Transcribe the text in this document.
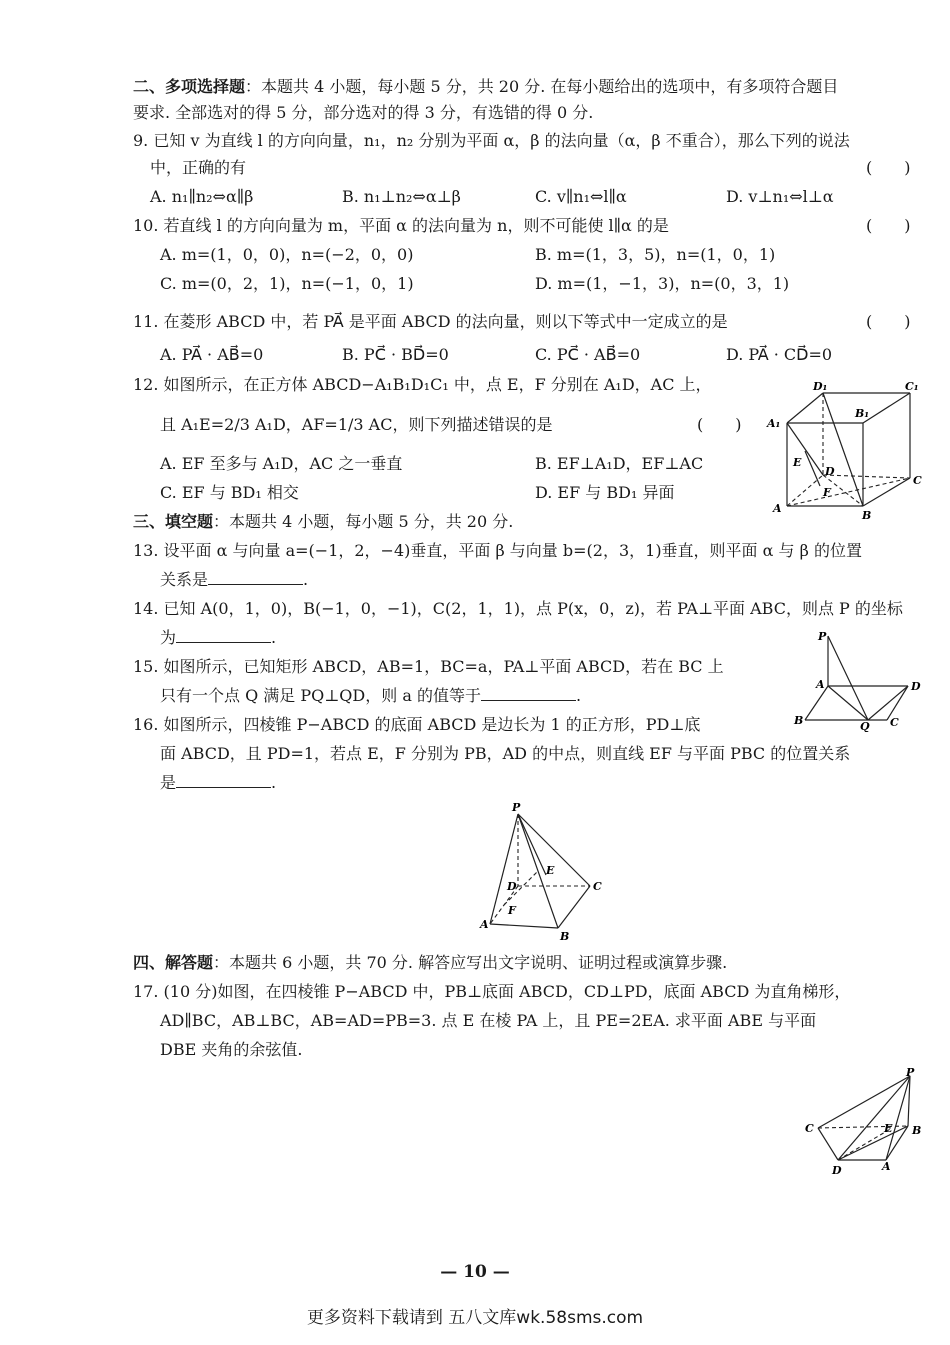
二、多项选择题：本题共 4 小题，每小题 5 分，共 20 分. 在每小题给出的选项中，有多项符合题目
要求. 全部选对的得 5 分，部分选对的得 3 分，有选错的得 0 分.
9. 已知 v 为直线 l 的方向向量，n₁，n₂ 分别为平面 α，β 的法向量（α，β 不重合），那么下列的说法
中，正确的有	(　　)
A. n₁∥n₂⇔α∥β	B. n₁⊥n₂⇔α⊥β	C. v∥n₁⇔l∥α	D. v⊥n₁⇔l⊥α
10. 若直线 l 的方向向量为 m，平面 α 的法向量为 n，则不可能使 l∥α 的是	(　　)
A. m=(1，0，0)，n=(−2，0，0)	B. m=(1，3，5)，n=(1，0，1)
C. m=(0，2，1)，n=(−1，0，1)	D. m=(1，−1，3)，n=(0，3，1)
11. 在菱形 ABCD 中，若 PA⃗ 是平面 ABCD 的法向量，则以下等式中一定成立的是	(　　)
A. PA⃗ · AB⃗=0	B. PC⃗ · BD⃗=0	C. PC⃗ · AB⃗=0	D. PA⃗ · CD⃗=0
12. 如图所示，在正方体 ABCD−A₁B₁D₁C₁ 中，点 E，F 分别在 A₁D，AC 上，
且 A₁E=2/3 A₁D，AF=1/3 AC，则下列描述错误的是	(　　)
A. EF 至多与 A₁D，AC 之一垂直	B. EF⊥A₁D，EF⊥AC
C. EF 与 BD₁ 相交	D. EF 与 BD₁ 异面
D₁	C₁
A₁
B₁
E
D
F
C
A
B
三、填空题：本题共 4 小题，每小题 5 分，共 20 分.
13. 设平面 α 与向量 a=(−1，2，−4)垂直，平面 β 与向量 b=(2，3，1)垂直，则平面 α 与 β 的位置
关系是	.
14. 已知 A(0，1，0)，B(−1，0，−1)，C(2，1，1)，点 P(x，0，z)，若 PA⊥平面 ABC，则点 P 的坐标
为	.
15. 如图所示，已知矩形 ABCD，AB=1，BC=a，PA⊥平面 ABCD，若在 BC 上
只有一个点 Q 满足 PQ⊥QD，则 a 的值等于	.
P
A	D
B	Q C
16. 如图所示，四棱锥 P−ABCD 的底面 ABCD 是边长为 1 的正方形，PD⊥底
面 ABCD，且 PD=1，若点 E，F 分别为 PB，AD 的中点，则直线 EF 与平面 PBC 的位置关系
是	.
P
E
D	C
F
A
B
四、解答题：本题共 6 小题，共 70 分. 解答应写出文字说明、证明过程或演算步骤.
17. (10 分)如图，在四棱锥 P−ABCD 中，PB⊥底面 ABCD，CD⊥PD，底面 ABCD 为直角梯形，
AD∥BC，AB⊥BC，AB=AD=PB=3. 点 E 在棱 PA 上，且 PE=2EA. 求平面 ABE 与平面
DBE 夹角的余弦值.
P
C	E B
D	A
— 10 —
更多资料下载请到 五八文库wk.58sms.com
